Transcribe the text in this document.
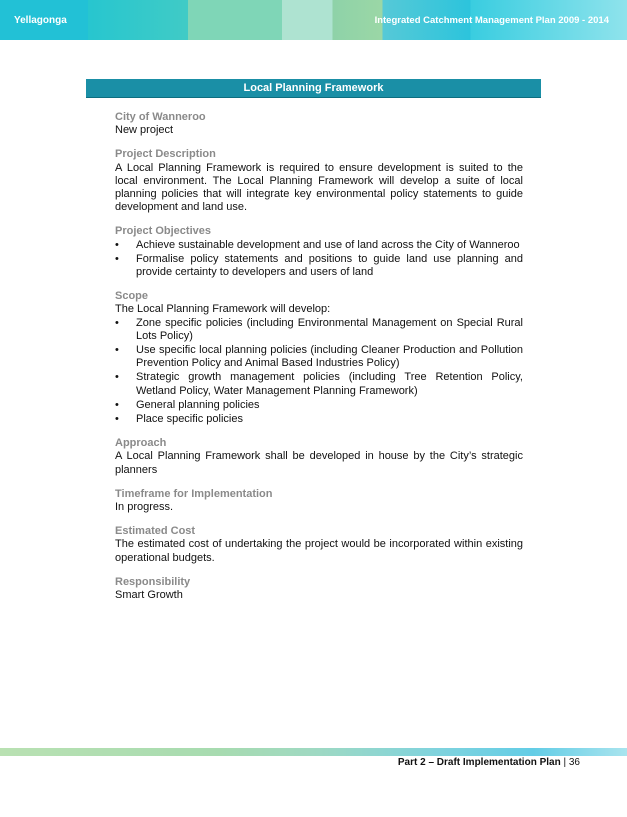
Yellagonga	Integrated Catchment Management Plan 2009 - 2014
Local Planning Framework
City of Wanneroo
New project
Project Description
A Local Planning Framework is required to ensure development is suited to the local environment. The Local Planning Framework will develop a suite of local planning policies that will integrate key environmental policy statements to guide development and land use.
Project Objectives
• Achieve sustainable development and use of land across the City of Wanneroo
• Formalise policy statements and positions to guide land use planning and provide certainty to developers and users of land
Scope
The Local Planning Framework will develop:
• Zone specific policies (including Environmental Management on Special Rural Lots Policy)
• Use specific local planning policies (including Cleaner Production and Pollution Prevention Policy and Animal Based Industries Policy)
• Strategic growth management policies (including Tree Retention Policy, Wetland Policy, Water Management Planning Framework)
• General planning policies
• Place specific policies
Approach
A Local Planning Framework shall be developed in house by the City’s strategic planners
Timeframe for Implementation
In progress.
Estimated Cost
The estimated cost of undertaking the project would be incorporated within existing operational budgets.
Responsibility
Smart Growth
Part 2 – Draft Implementation Plan | 36
